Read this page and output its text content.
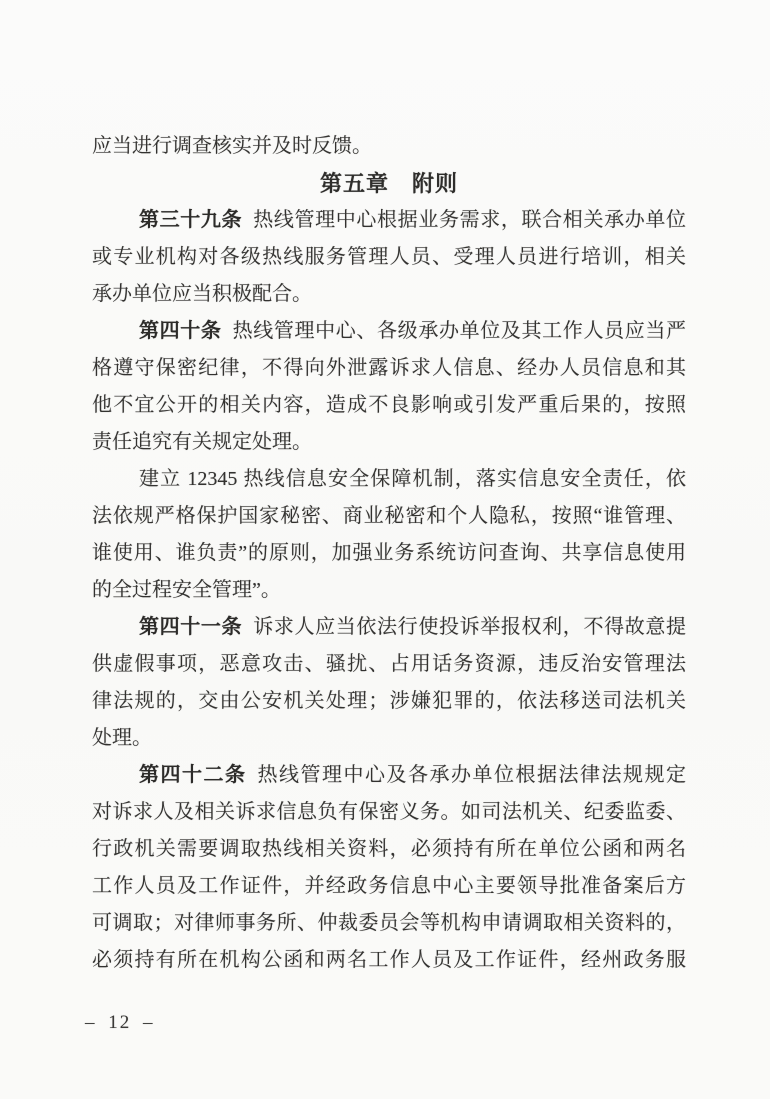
应当进行调查核实并及时反馈。
第五章　附则
第三十九条 热线管理中心根据业务需求，联合相关承办单位
或专业机构对各级热线服务管理人员、受理人员进行培训，相关
承办单位应当积极配合。
第四十条 热线管理中心、各级承办单位及其工作人员应当严
格遵守保密纪律，不得向外泄露诉求人信息、经办人员信息和其
他不宜公开的相关内容，造成不良影响或引发严重后果的，按照
责任追究有关规定处理。
建立 12345 热线信息安全保障机制，落实信息安全责任，依
法依规严格保护国家秘密、商业秘密和个人隐私，按照“谁管理、
谁使用、谁负责”的原则，加强业务系统访问查询、共享信息使用
的全过程安全管理”。
第四十一条 诉求人应当依法行使投诉举报权利，不得故意提
供虚假事项，恶意攻击、骚扰、占用话务资源，违反治安管理法
律法规的，交由公安机关处理；涉嫌犯罪的，依法移送司法机关
处理。
第四十二条 热线管理中心及各承办单位根据法律法规规定
对诉求人及相关诉求信息负有保密义务。如司法机关、纪委监委、
行政机关需要调取热线相关资料，必须持有所在单位公函和两名
工作人员及工作证件，并经政务信息中心主要领导批准备案后方
可调取；对律师事务所、仲裁委员会等机构申请调取相关资料的，
必须持有所在机构公函和两名工作人员及工作证件，经州政务服
– 12 –
